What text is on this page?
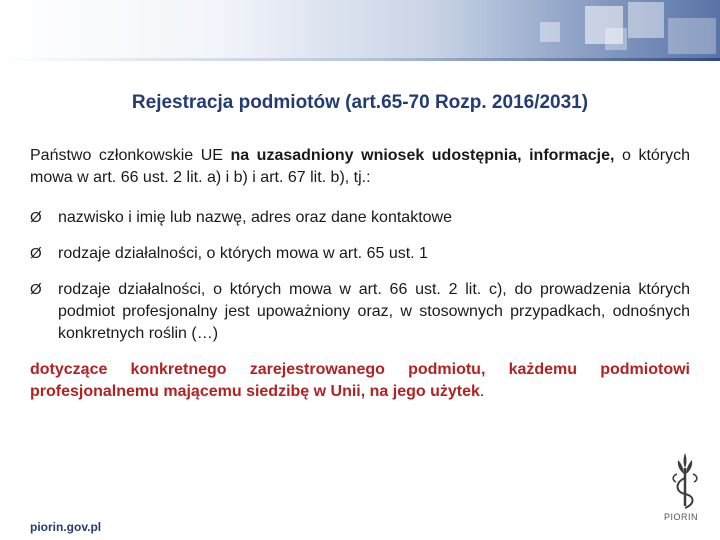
Rejestracja podmiotów (art.65-70 Rozp. 2016/2031)

Państwo członkowskie UE na uzasadniony wniosek udostępnia, informacje, o których mowa w art. 66 ust. 2 lit. a) i b) i art. 67 lit. b), tj.:

Ø nazwisko i imię lub nazwę, adres oraz dane kontaktowe
Ø rodzaje działalności, o których mowa w art. 65 ust. 1
Ø rodzaje działalności, o których mowa w art. 66 ust. 2 lit. c), do prowadzenia których podmiot profesjonalny jest upoważniony oraz, w stosownych przypadkach, odnośnych konkretnych roślin (…)

dotyczące konkretnego zarejestrowanego podmiotu, każdemu podmiotowi profesjonalnemu mającemu siedzibę w Unii, na jego użytek.

piorin.gov.pl
PIORIN
